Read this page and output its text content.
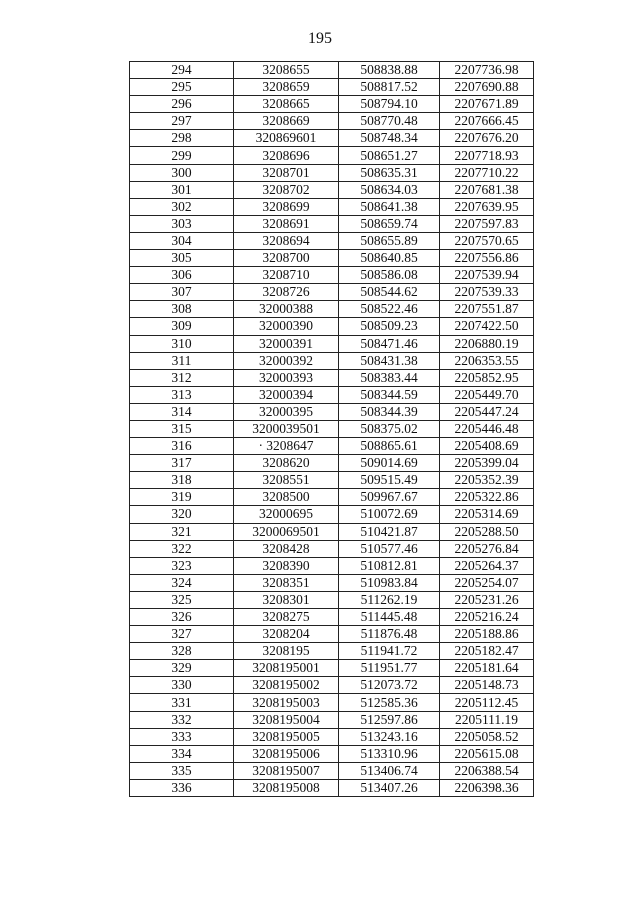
195
294	3208655	508838.88	2207736.98
295	3208659	508817.52	2207690.88
296	3208665	508794.10	2207671.89
297	3208669	508770.48	2207666.45
298	320869601	508748.34	2207676.20
299	3208696	508651.27	2207718.93
300	3208701	508635.31	2207710.22
301	3208702	508634.03	2207681.38
302	3208699	508641.38	2207639.95
303	3208691	508659.74	2207597.83
304	3208694	508655.89	2207570.65
305	3208700	508640.85	2207556.86
306	3208710	508586.08	2207539.94
307	3208726	508544.62	2207539.33
308	32000388	508522.46	2207551.87
309	32000390	508509.23	2207422.50
310	32000391	508471.46	2206880.19
311	32000392	508431.38	2206353.55
312	32000393	508383.44	2205852.95
313	32000394	508344.59	2205449.70
314	32000395	508344.39	2205447.24
315	3200039501	508375.02	2205446.48
316	· 3208647	508865.61	2205408.69
317	3208620	509014.69	2205399.04
318	3208551	509515.49	2205352.39
319	3208500	509967.67	2205322.86
320	32000695	510072.69	2205314.69
321	3200069501	510421.87	2205288.50
322	3208428	510577.46	2205276.84
323	3208390	510812.81	2205264.37
324	3208351	510983.84	2205254.07
325	3208301	511262.19	2205231.26
326	3208275	511445.48	2205216.24
327	3208204	511876.48	2205188.86
328	3208195	511941.72	2205182.47
329	3208195001	511951.77	2205181.64
330	3208195002	512073.72	2205148.73
331	3208195003	512585.36	2205112.45
332	3208195004	512597.86	2205111.19
333	3208195005	513243.16	2205058.52
334	3208195006	513310.96	2205615.08
335	3208195007	513406.74	2206388.54
336	3208195008	513407.26	2206398.36
